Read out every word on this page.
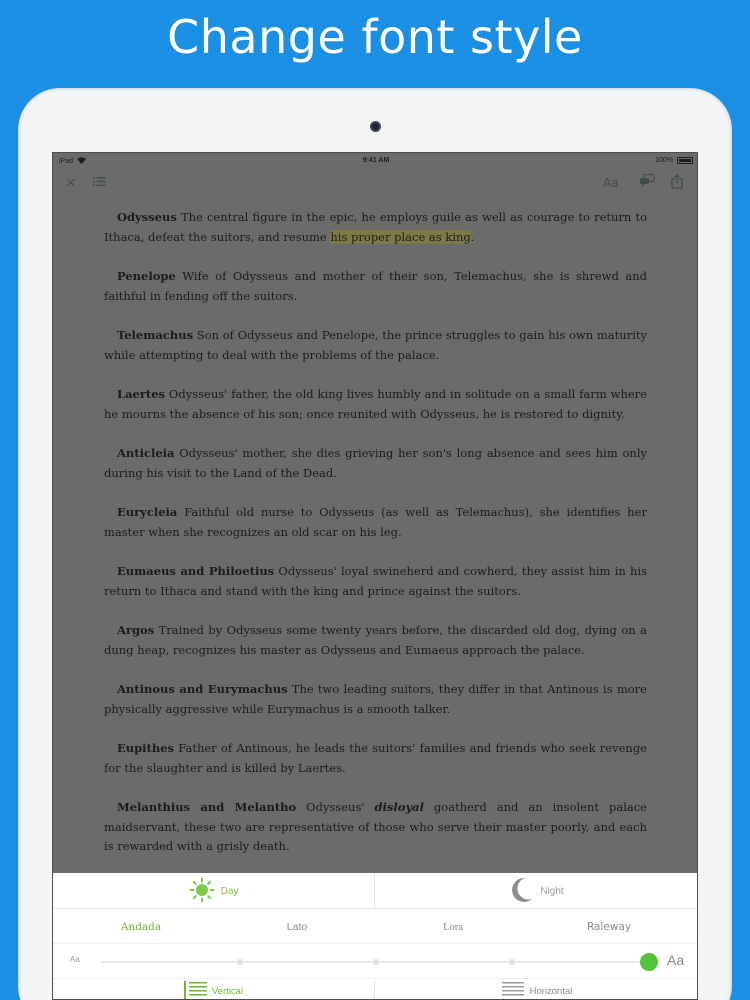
Change font style
iPad	9:41 AM	100%
×	Aa

Odysseus The central figure in the epic, he employs guile as well as courage to return to Ithaca, defeat the suitors, and resume his proper place as king.

Penelope Wife of Odysseus and mother of their son, Telemachus, she is shrewd and faithful in fending off the suitors.

Telemachus Son of Odysseus and Penelope, the prince struggles to gain his own maturity while attempting to deal with the problems of the palace.

Laertes Odysseus' father, the old king lives humbly and in solitude on a small farm where he mourns the absence of his son; once reunited with Odysseus, he is restored to dignity.

Anticleia Odysseus' mother, she dies grieving her son's long absence and sees him only during his visit to the Land of the Dead.

Eurycleia Faithful old nurse to Odysseus (as well as Telemachus), she identifies her master when she recognizes an old scar on his leg.

Eumaeus and Philoetius Odysseus' loyal swineherd and cowherd, they assist him in his return to Ithaca and stand with the king and prince against the suitors.

Argos Trained by Odysseus some twenty years before, the discarded old dog, dying on a dung heap, recognizes his master as Odysseus and Eumaeus approach the palace.

Antinous and Eurymachus The two leading suitors, they differ in that Antinous is more physically aggressive while Eurymachus is a smooth talker.

Eupithes Father of Antinous, he leads the suitors' families and friends who seek revenge for the slaughter and is killed by Laertes.

Melanthius and Melantho Odysseus' disloyal goatherd and an insolent palace maidservant, these two are representative of those who serve their master poorly, and each is rewarded with a grisly death.

Day	Night
Andada	Lato	Lora	Raleway
Aa	Aa
Vertical	Horizontal
